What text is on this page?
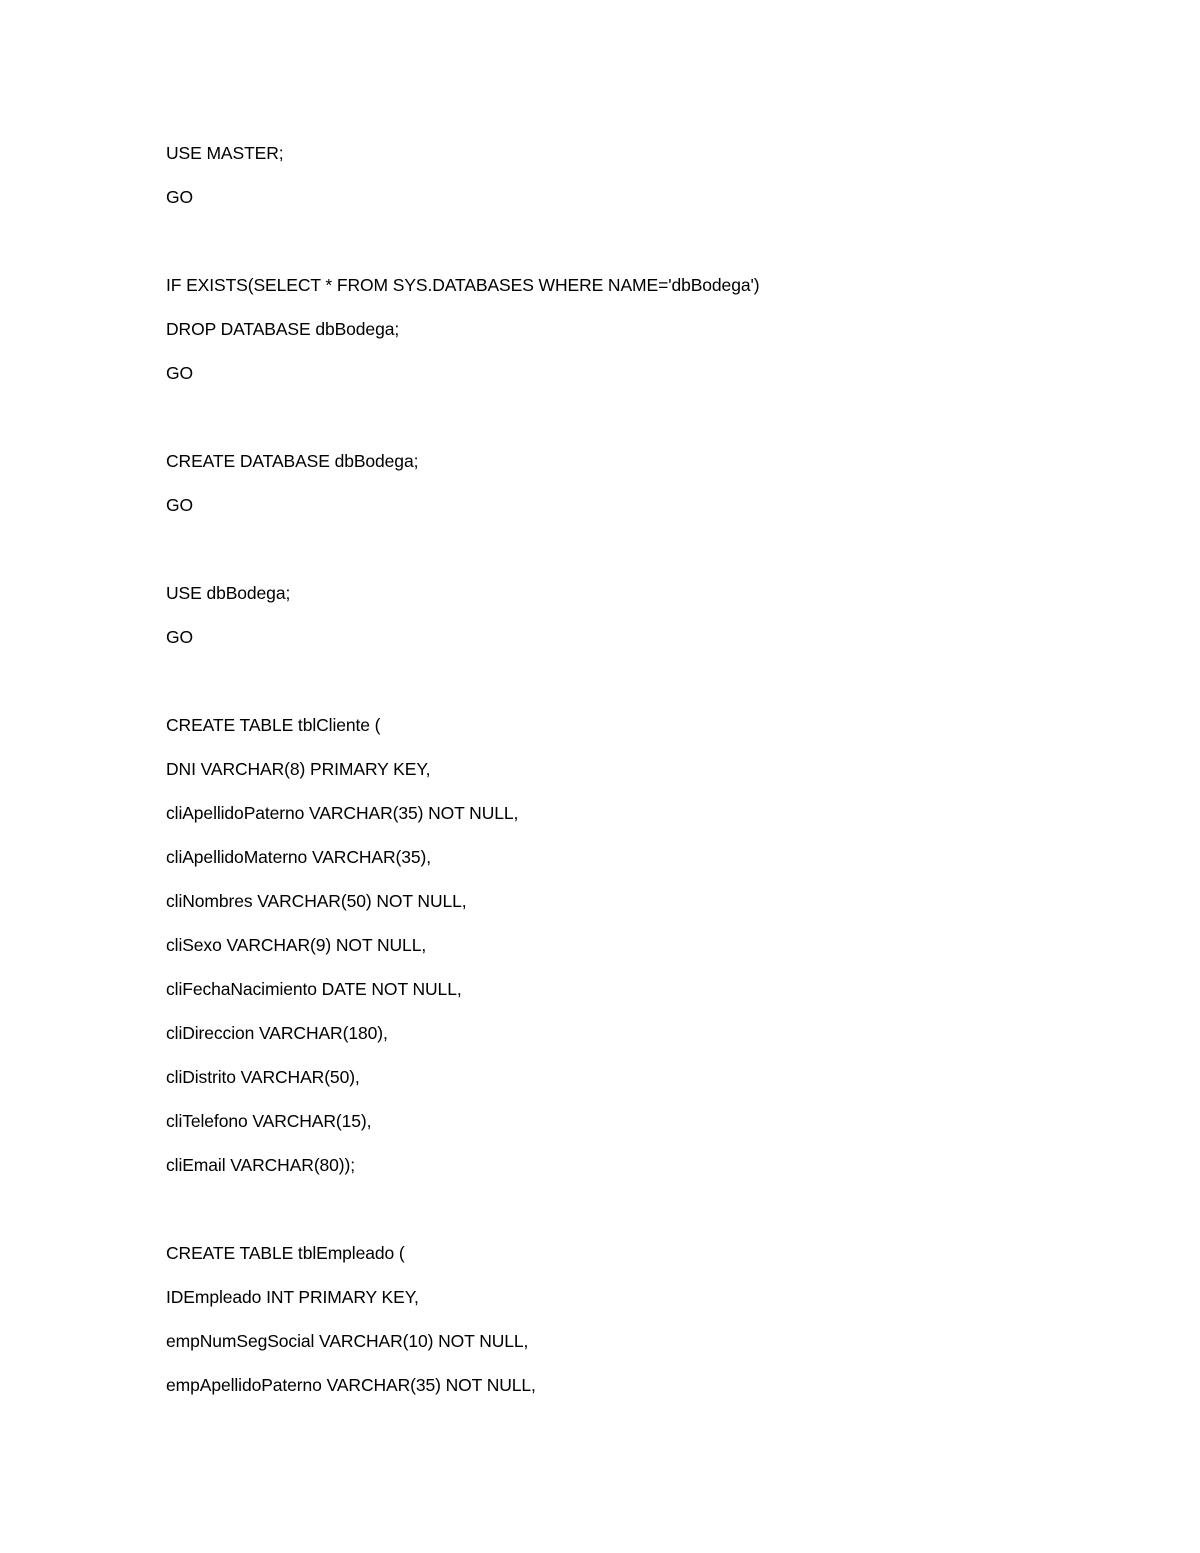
USE MASTER;
GO
IF EXISTS(SELECT * FROM SYS.DATABASES WHERE NAME='dbBodega')
DROP DATABASE dbBodega;
GO
CREATE DATABASE dbBodega;
GO
USE dbBodega;
GO
CREATE TABLE tblCliente (
DNI VARCHAR(8) PRIMARY KEY,
cliApellidoPaterno VARCHAR(35) NOT NULL,
cliApellidoMaterno VARCHAR(35),
cliNombres VARCHAR(50) NOT NULL,
cliSexo VARCHAR(9) NOT NULL,
cliFechaNacimiento DATE NOT NULL,
cliDireccion VARCHAR(180),
cliDistrito VARCHAR(50),
cliTelefono VARCHAR(15),
cliEmail VARCHAR(80));
CREATE TABLE tblEmpleado (
IDEmpleado INT PRIMARY KEY,
empNumSegSocial VARCHAR(10) NOT NULL,
empApellidoPaterno VARCHAR(35) NOT NULL,
